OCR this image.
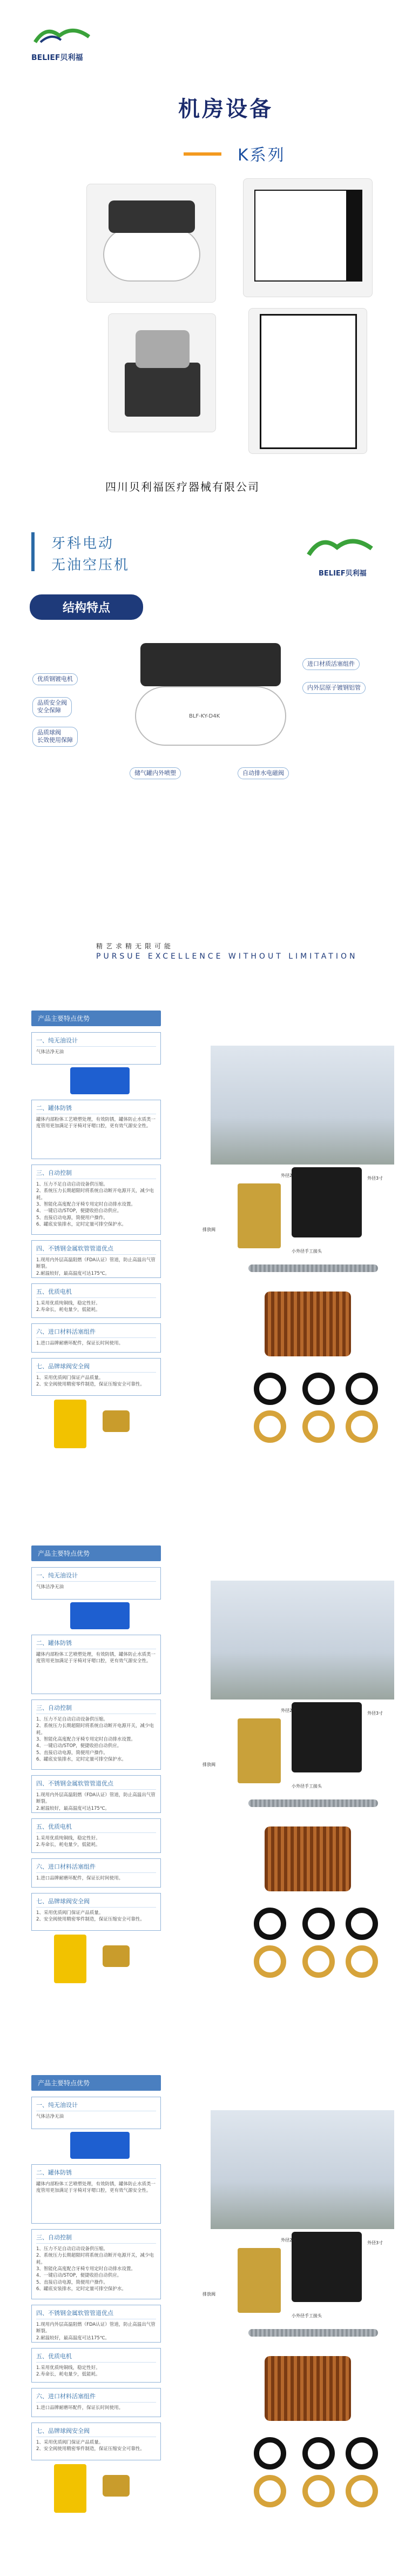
BELIEF贝利福
机房设备
K系列
四川贝利福医疗器械有限公司
牙科电动
无油空压机
BELIEF贝利福
结构特点
BLF-KY-D4K
优质钢镀电机
品质安全阀
安全保障
品质球阀
长效使用保障
进口材质活塞组件
内外层原子镀钢铝管
储气罐内外喷塑	自动排水电磁阀
精艺求精无限可能
PURSUE EXCELLENCE WITHOUT LIMITATION
产品主要特点优势
一、纯无油设计
气体洁净无油
二、罐体防锈
罐体内部粉体工艺喷塑处理，有效防锈，罐体防止水质类一度管用更加满足于牙椅对牙嗯口腔，更有效气源安全性。
三、自动控制
1、压力不足自动启动设备供压缩。
2、系统压力长期超限时将系统自动断开电源开关，减少电耗。
3、智能化高度配合牙椅专用定时自动排水设置。
4、一键启动/STOP，便捷收拾自动供应。
5、直接启动电源，简便用户操作。
6、罐底安装排水，定时定量可排空保护水。
四、不锈钢金属软管管道优点
1.现用内外层高温阻燃（FDA认证）管道，防止高温出气管断裂。
2.耐温较好，最高温度可达175℃。
五、优质电机
1.采用优质纯铜线，稳定性好。
2.寿命长，耗电量少，低能耗。
六、进口材料活塞组件
1.进口品牌耐磨环配件，保证长时间使用。
七、品牌球阀安全阀
1、采用优质阀门保证产品质量。
2、安全阀使用精密零件制造，保证压缩安全可靠性。
外径2寸
外径3寸
排放阀
小外径手工接头
产品主要特点优势
一、纯无油设计
气体洁净无油
二、罐体防锈
罐体内部粉体工艺喷塑处理，有效防锈，罐体防止水质类一度管用更加满足于牙椅对牙嗯口腔，更有效气源安全性。
三、自动控制
1、压力不足自动启动设备供压缩。
2、系统压力长期超限时将系统自动断开电源开关，减少电耗。
3、智能化高度配合牙椅专用定时自动排水设置。
4、一键启动/STOP，便捷收拾自动供应。
5、直接启动电源，简便用户操作。
6、罐底安装排水，定时定量可排空保护水。
四、不锈钢金属软管管道优点
1.现用内外层高温阻燃（FDA认证）管道，防止高温出气管断裂。
2.耐温较好，最高温度可达175℃。
五、优质电机
1.采用优质纯铜线，稳定性好。
2.寿命长，耗电量少，低能耗。
六、进口材料活塞组件
1.进口品牌耐磨环配件，保证长时间使用。
七、品牌球阀安全阀
1、采用优质阀门保证产品质量。
2、安全阀使用精密零件制造，保证压缩安全可靠性。
外径2寸
外径3寸
排放阀
小外径手工接头
产品主要特点优势
一、纯无油设计
气体洁净无油
二、罐体防锈
罐体内部粉体工艺喷塑处理，有效防锈，罐体防止水质类一度管用更加满足于牙椅对牙嗯口腔，更有效气源安全性。
三、自动控制
1、压力不足自动启动设备供压缩。
2、系统压力长期超限时将系统自动断开电源开关，减少电耗。
3、智能化高度配合牙椅专用定时自动排水设置。
4、一键启动/STOP，便捷收拾自动供应。
5、直接启动电源，简便用户操作。
6、罐底安装排水，定时定量可排空保护水。
四、不锈钢金属软管管道优点
1.现用内外层高温阻燃（FDA认证）管道，防止高温出气管断裂。
2.耐温较好，最高温度可达175℃。
五、优质电机
1.采用优质纯铜线，稳定性好。
2.寿命长，耗电量少，低能耗。
六、进口材料活塞组件
1.进口品牌耐磨环配件，保证长时间使用。
七、品牌球阀安全阀
1、采用优质阀门保证产品质量。
2、安全阀使用精密零件制造，保证压缩安全可靠性。
外径2寸
外径3寸
排放阀
小外径手工接头
